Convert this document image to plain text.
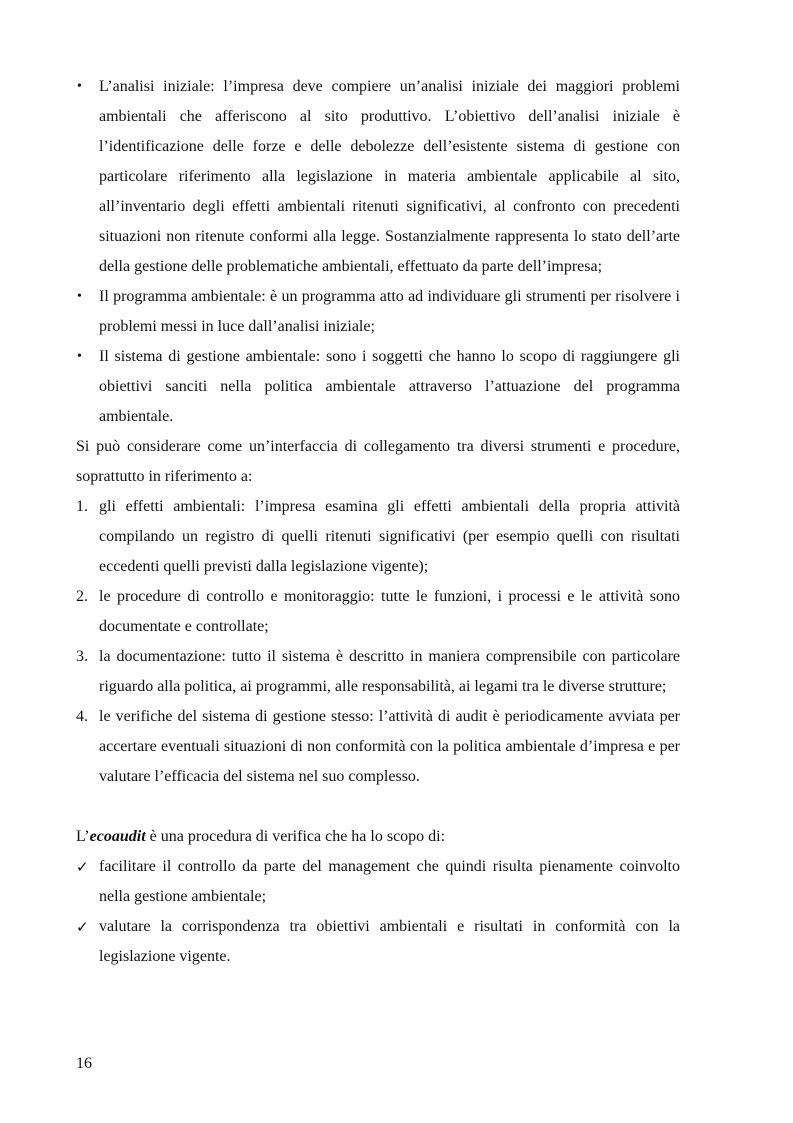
•	L’analisi iniziale: l’impresa deve compiere un’analisi iniziale dei maggiori problemi ambientali che afferiscono al sito produttivo. L’obiettivo dell’analisi iniziale è l’identificazione delle forze e delle debolezze dell’esistente sistema di gestione con particolare riferimento alla legislazione in materia ambientale applicabile al sito, all’inventario degli effetti ambientali ritenuti significativi, al confronto con precedenti situazioni non ritenute conformi alla legge. Sostanzialmente rappresenta lo stato dell’arte della gestione delle problematiche ambientali, effettuato da parte dell’impresa;
•	Il programma ambientale: è un programma atto ad individuare gli strumenti per risolvere i problemi messi in luce dall’analisi iniziale;
•	Il sistema di gestione ambientale: sono i soggetti che hanno lo scopo di raggiungere gli obiettivi sanciti nella politica ambientale attraverso l’attuazione del programma ambientale.
Si può considerare come un’interfaccia di collegamento tra diversi strumenti e procedure, soprattutto in riferimento a:
1. gli effetti ambientali: l’impresa esamina gli effetti ambientali della propria attività compilando un registro di quelli ritenuti significativi (per esempio quelli con risultati eccedenti quelli previsti dalla legislazione vigente);
2. le procedure di controllo e monitoraggio: tutte le funzioni, i processi e le attività sono documentate e controllate;
3. la documentazione: tutto il sistema è descritto in maniera comprensibile con particolare riguardo alla politica, ai programmi, alle responsabilità, ai legami tra le diverse strutture;
4. le verifiche del sistema di gestione stesso: l’attività di audit è periodicamente avviata per accertare eventuali situazioni di non conformità con la politica ambientale d’impresa e per valutare l’efficacia del sistema nel suo complesso.
L’ecoaudit è una procedura di verifica che ha lo scopo di:
✓ facilitare il controllo da parte del management che quindi risulta pienamente coinvolto nella gestione ambientale;
✓ valutare la corrispondenza tra obiettivi ambientali e risultati in conformità con la legislazione vigente.
16
